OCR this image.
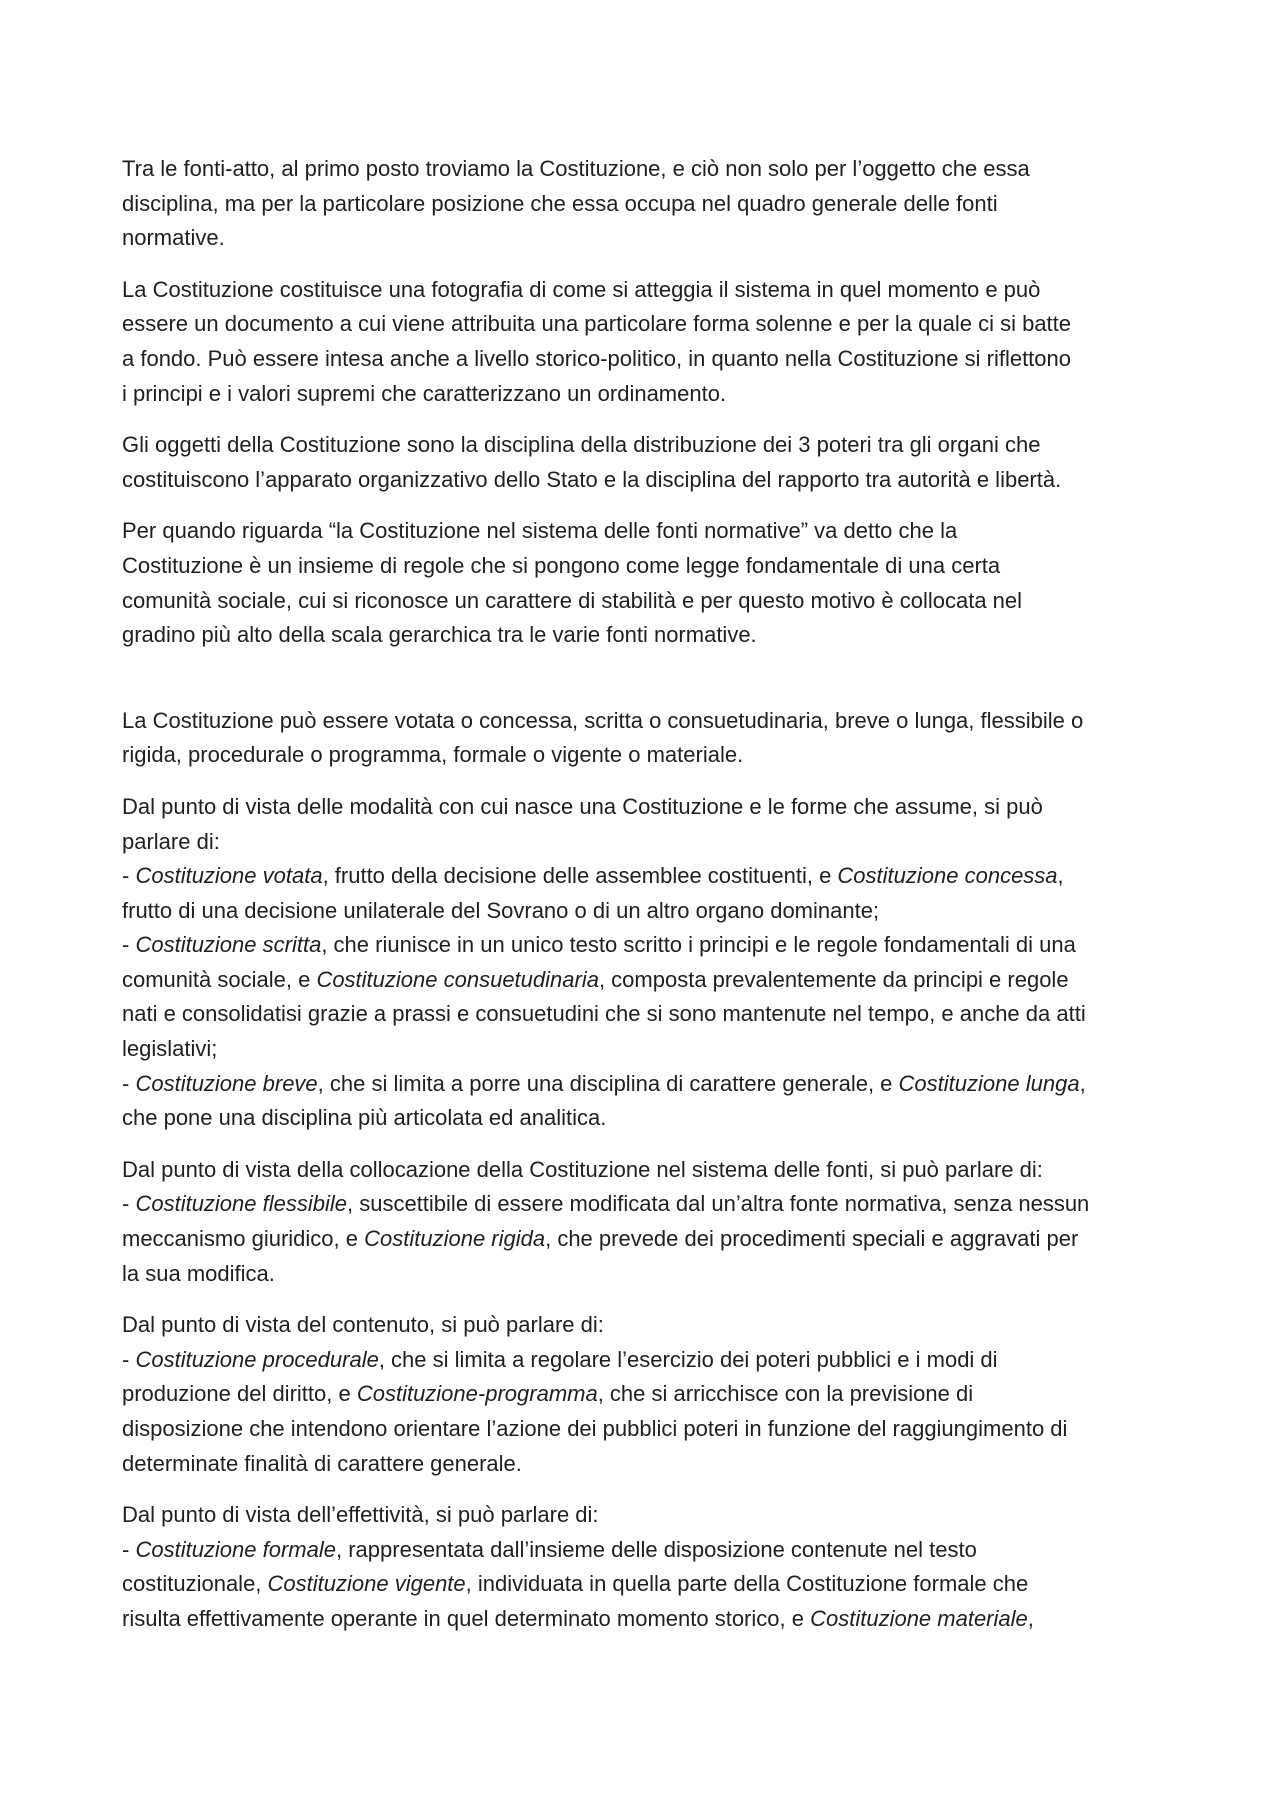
Tra le fonti-atto, al primo posto troviamo la Costituzione, e ciò non solo per l’oggetto che essa
disciplina, ma per la particolare posizione che essa occupa nel quadro generale delle fonti
normative.

La Costituzione costituisce una fotografia di come si atteggia il sistema in quel momento e può
essere un documento a cui viene attribuita una particolare forma solenne e per la quale ci si batte
a fondo. Può essere intesa anche a livello storico-politico, in quanto nella Costituzione si riflettono
i principi e i valori supremi che caratterizzano un ordinamento.

Gli oggetti della Costituzione sono la disciplina della distribuzione dei 3 poteri tra gli organi che
costituiscono l’apparato organizzativo dello Stato e la disciplina del rapporto tra autorità e libertà.

Per quando riguarda “la Costituzione nel sistema delle fonti normative” va detto che la
Costituzione è un insieme di regole che si pongono come legge fondamentale di una certa
comunità sociale, cui si riconosce un carattere di stabilità e per questo motivo è collocata nel
gradino più alto della scala gerarchica tra le varie fonti normative.

La Costituzione può essere votata o concessa, scritta o consuetudinaria, breve o lunga, flessibile o
rigida, procedurale o programma, formale o vigente o materiale.

Dal punto di vista delle modalità con cui nasce una Costituzione e le forme che assume, si può
parlare di:
- Costituzione votata, frutto della decisione delle assemblee costituenti, e Costituzione concessa,
frutto di una decisione unilaterale del Sovrano o di un altro organo dominante;
- Costituzione scritta, che riunisce in un unico testo scritto i principi e le regole fondamentali di una
comunità sociale, e Costituzione consuetudinaria, composta prevalentemente da principi e regole
nati e consolidatisi grazie a prassi e consuetudini che si sono mantenute nel tempo, e anche da atti
legislativi;
- Costituzione breve, che si limita a porre una disciplina di carattere generale, e Costituzione lunga,
che pone una disciplina più articolata ed analitica.

Dal punto di vista della collocazione della Costituzione nel sistema delle fonti, si può parlare di:
- Costituzione flessibile, suscettibile di essere modificata dal un’altra fonte normativa, senza nessun
meccanismo giuridico, e Costituzione rigida, che prevede dei procedimenti speciali e aggravati per
la sua modifica.

Dal punto di vista del contenuto, si può parlare di:
- Costituzione procedurale, che si limita a regolare l’esercizio dei poteri pubblici e i modi di
produzione del diritto, e Costituzione-programma, che si arricchisce con la previsione di
disposizione che intendono orientare l’azione dei pubblici poteri in funzione del raggiungimento di
determinate finalità di carattere generale.

Dal punto di vista dell’effettività, si può parlare di:
- Costituzione formale, rappresentata dall’insieme delle disposizione contenute nel testo
costituzionale, Costituzione vigente, individuata in quella parte della Costituzione formale che
risulta effettivamente operante in quel determinato momento storico, e Costituzione materiale,
